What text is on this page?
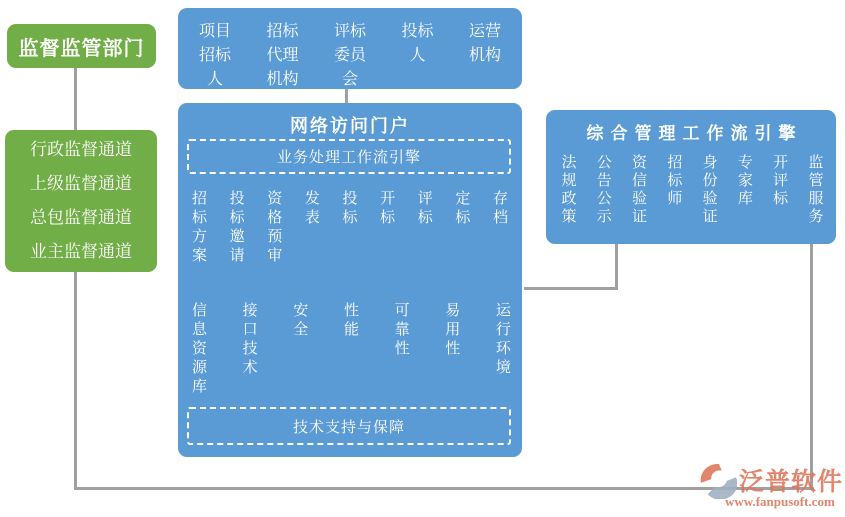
监督监管部门
行政监督通道
上级监督通道
总包监督通道
业主监督通道
项目招标人
招标代理机构
评标委员会
投标人
运营机构
网络访问门户
业务处理工作流引擎
招标方案
投标邀请
资格预审
发表
投标
开标
评标
定标
存档
信息资源库
接口技术
安全
性能
可靠性
易用性
运行环境
技术支持与保障
综合管理工作流引擎
法规政策
公告公示
资信验证
招标师
身份验证
专家库
开评标
监管服务
泛普软件
www.fanpusoft.com
